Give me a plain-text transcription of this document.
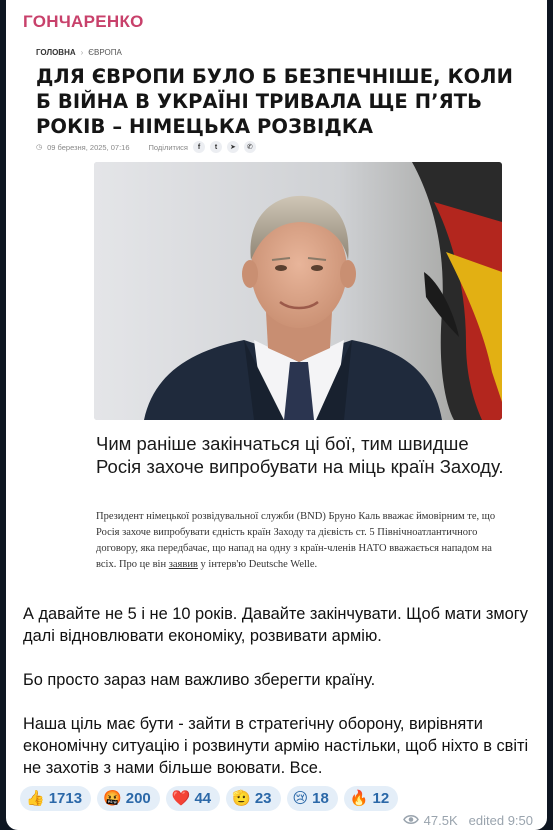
ГОНЧАРЕНКО
ГОЛОВНА › ЄВРОПА
ДЛЯ ЄВРОПИ БУЛО Б БЕЗПЕЧНІШЕ, КОЛИ Б ВІЙНА В УКРАЇНІ ТРИВАЛА ЩЕ П’ЯТЬ РОКІВ – НІМЕЦЬКА РОЗВІДКА
◷ 09 березня, 2025, 07:16	Поділитися	f	t	➤	✆
Чим раніше закінчаться ці бої, тим швидше Росія захоче випробувати на міць країн Заходу.
Президент німецької розвідувальної служби (BND) Бруно Каль вважає ймовірним те, що Росія захоче випробувати єдність країн Заходу та дієвість ст. 5 Північноатлантичного договору, яка передбачає, що напад на одну з країн-членів НАТО вважається нападом на всіх. Про це він заявив у інтерв'ю Deutsche Welle.

А давайте не 5 і не 10 років. Давайте закінчувати. Щоб мати змогу далі відновлювати економіку, розвивати армію.

Бо просто зараз нам важливо зберегти країну.

Наша ціль має бути - зайти в стратегічну оборону, вирівняти економічну ситуацію і розвинути армію настільки, щоб ніхто в світі не захотів з нами більше воювати. Все.

👍 1713 🤬 200 ❤️ 44 🫡 23 😢 18 🔥 12
47.5K edited 9:50
